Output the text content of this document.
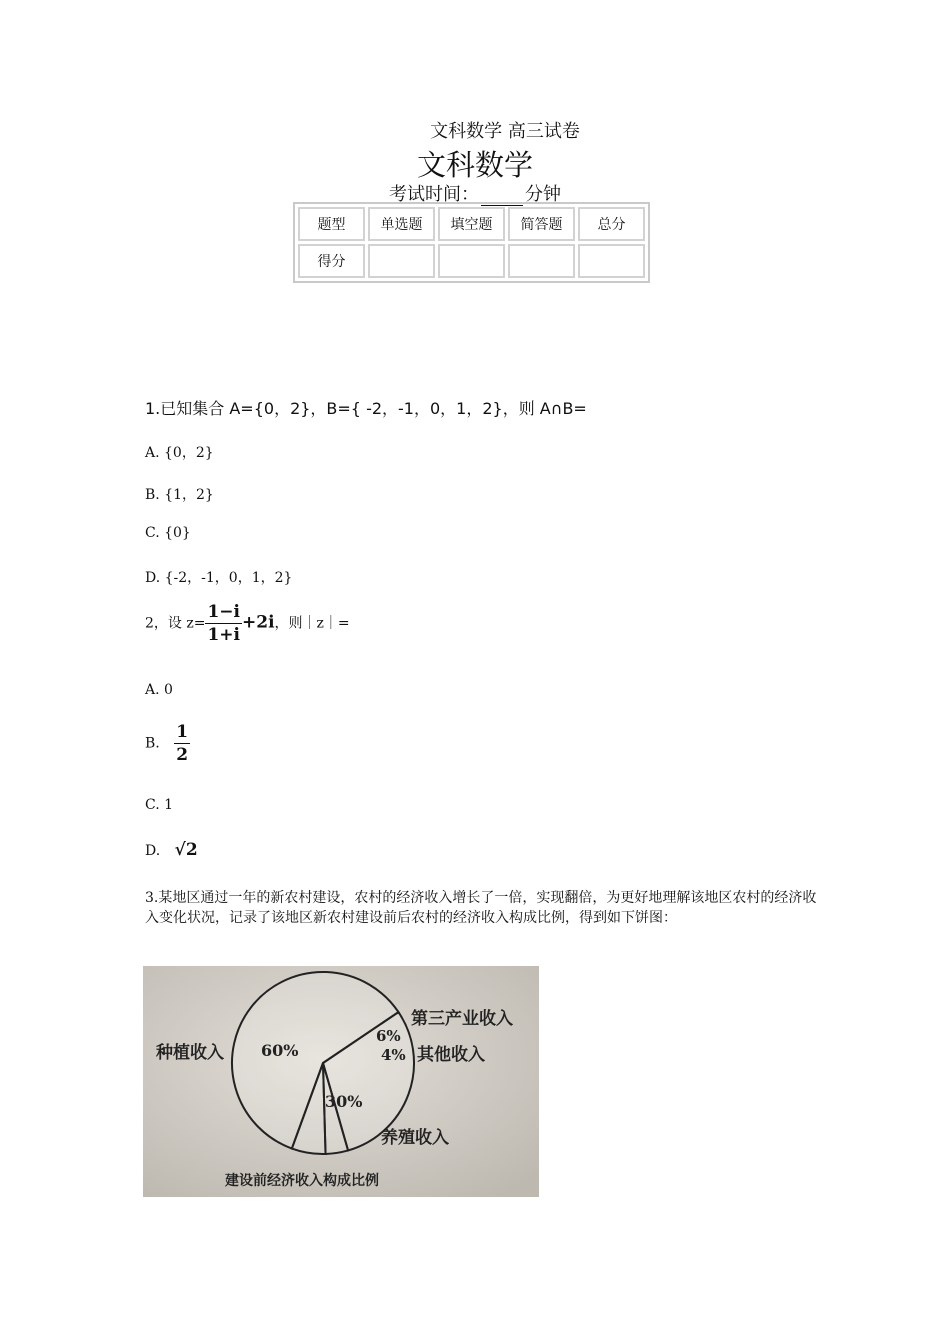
文科数学 高三试卷
文科数学
考试时间：	分钟
题型	单选题	填空题	简答题	总分
得分				
1.已知集合 A={0，2}，B={ -2，-1，0，1，2}，则 A∩B=
A. {0，2}
B. {1，2}
C. {0}
D. {-2，-1，0，1，2}
2，设 $z= \frac{1-i}{1+i} +2i$，则｜z｜=
A. 0
B. $\frac{1}{2}$
C. 1
D. √2
3.某地区通过一年的新农村建设，农村的经济收入增长了一倍，实现翻倍，为更好地理解该地区农村的经济收入变化状况，记录了该地区新农村建设前后农村的经济收入构成比例，得到如下饼图：
种植收入
养殖收入
其他收入
第三产业收入
60%
30%
4%
6%
建设前经济收入构成比例
